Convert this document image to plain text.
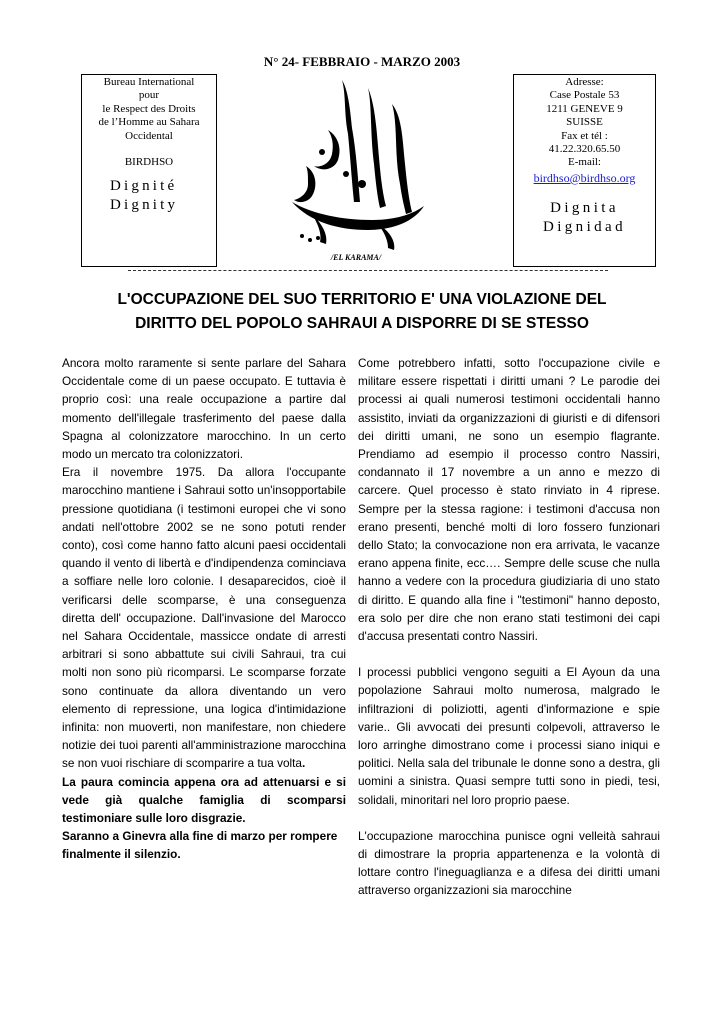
N° 24- FEBBRAIO - MARZO 2003
Bureau International
pour
le Respect des Droits
de l’Homme au Sahara
Occidental
BIRDHSO
Dignité
Dignity
/EL KARAMA/
Adresse:
Case Postale 53
1211 GENEVE 9
SUISSE
Fax et tél :
41.22.320.65.50
E-mail:
birdhso@birdhso.org
Dignita
Dignidad
L'OCCUPAZIONE DEL SUO TERRITORIO E' UNA VIOLAZIONE DEL
DIRITTO DEL POPOLO SAHRAUI A DISPORRE DI SE STESSO

Ancora molto raramente si sente parlare del Sahara Occidentale come di un paese occupato. E tuttavia è proprio così: una reale occupazione a partire dal momento dell'illegale trasferimento del paese dalla Spagna al colonizzatore marocchino. In un certo modo un mercato tra colonizzatori.

Era il novembre 1975. Da allora l'occupante marocchino mantiene i Sahraui sotto un'insopportabile pressione quotidiana (i testimoni europei che vi sono andati nell'ottobre 2002 se ne sono potuti render conto), così come hanno fatto alcuni paesi occidentali quando il vento di libertà e d'indipendenza cominciava a soffiare nelle loro colonie. I desaparecidos, cioè il verificarsi delle scomparse, è una conseguenza diretta dell' occupazione. Dall'invasione del Marocco nel Sahara Occidentale, massicce ondate di arresti arbitrari si sono abbattute sui civili Sahraui, tra cui molti non sono più ricomparsi. Le scomparse forzate sono continuate da allora diventando un vero elemento di repressione, una logica d'intimidazione infinita: non muoverti, non manifestare, non chiedere notizie dei tuoi parenti all'amministrazione marocchina se non vuoi rischiare di scomparire a tua volta.

La paura comincia appena ora ad attenuarsi e si vede già qualche famiglia di scomparsi testimoniare sulle loro disgrazie.

Saranno a Ginevra alla fine di marzo per rompere finalmente il silenzio.

Come potrebbero infatti, sotto l'occupazione civile e militare essere rispettati i diritti umani ? Le parodie dei processi ai quali numerosi testimoni occidentali hanno assistito, inviati da organizzazioni di giuristi e di difensori dei diritti umani, ne sono un esempio flagrante. Prendiamo ad esempio il processo contro Nassiri, condannato il 17 novembre a un anno e mezzo di carcere. Quel processo è stato rinviato in 4 riprese. Sempre per la stessa ragione: i testimoni d'accusa non erano presenti, benché molti di loro fossero funzionari dello Stato; la convocazione non era arrivata, le vacanze erano appena finite, ecc…. Sempre delle scuse che nulla hanno a vedere con la procedura giudiziaria di uno stato di diritto. E quando alla fine i "testimoni" hanno deposto, era solo per dire che non erano stati testimoni dei capi d'accusa presentati contro Nassiri.

I processi pubblici vengono seguiti a El Ayoun da una popolazione Sahraui molto numerosa, malgrado le infiltrazioni di poliziotti, agenti d'informazione e spie varie.. Gli avvocati dei presunti colpevoli, attraverso le loro arringhe dimostrano come i processi siano iniqui e politici. Nella sala del tribunale le donne sono a destra, gli uomini a sinistra. Quasi sempre tutti sono in piedi, tesi, solidali, minoritari nel loro proprio paese.

L'occupazione marocchina punisce ogni velleità sahraui di dimostrare la propria appartenenza e la volontà di lottare contro l'ineguaglianza e a difesa dei diritti umani attraverso organizzazioni sia marocchine
